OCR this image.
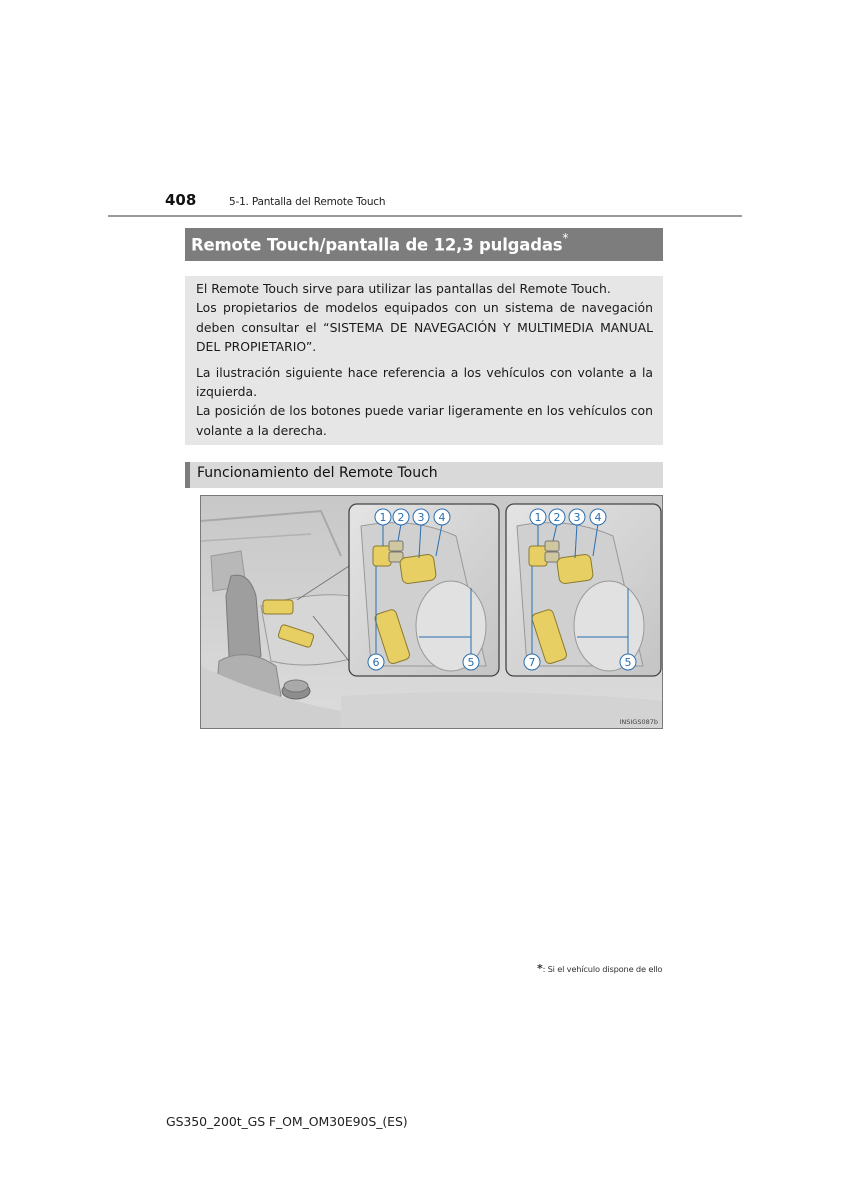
408	5-1. Pantalla del Remote Touch
Remote Touch/pantalla de 12,3 pulgadas*

El Remote Touch sirve para utilizar las pantallas del Remote Touch.

Los propietarios de modelos equipados con un sistema de navegación deben consultar el “SISTEMA DE NAVEGACIÓN Y MULTIMEDIA MANUAL DEL PROPIETARIO”.

La ilustración siguiente hace referencia a los vehículos con volante a la izquierda.

La posición de los botones puede variar ligeramente en los vehículos con volante a la derecha.

Funcionamiento del Remote Touch
1 2 3 4
6	5
1 2 3 4
7	5
INSIGS087b
*: Si el vehículo dispone de ello
GS350_200t_GS F_OM_OM30E90S_(ES)
